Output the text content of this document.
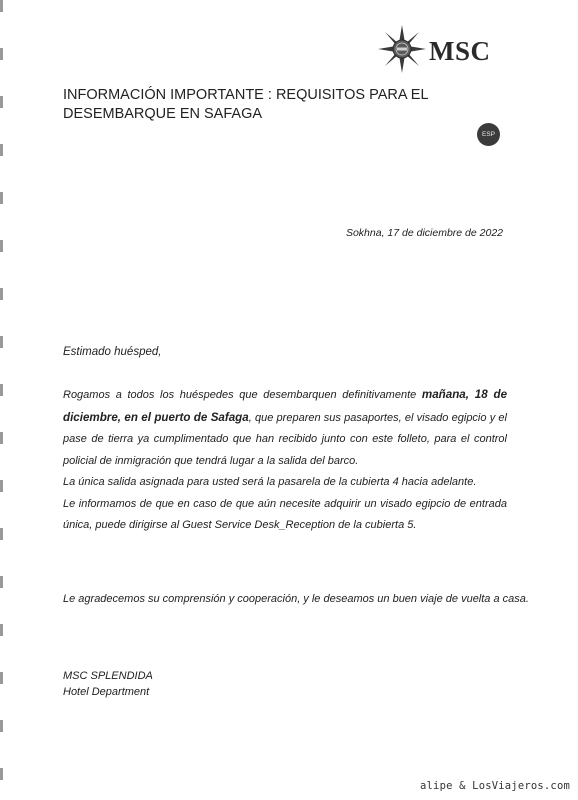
MSC
INFORMACIÓN IMPORTANTE : REQUISITOS PARA EL DESEMBARQUE EN SAFAGA
ESP
Sokhna, 17 de diciembre de 2022
Estimado huésped,
Rogamos a todos los huéspedes que desembarquen definitivamente mañana, 18 de diciembre, en el puerto de Safaga, que preparen sus pasaportes, el visado egipcio y el pase de tierra ya cumplimentado que han recibido junto con este folleto, para el control policial de inmigración que tendrá lugar a la salida del barco.
La única salida asignada para usted será la pasarela de la cubierta 4 hacia adelante.
Le informamos de que en caso de que aún necesite adquirir un visado egipcio de entrada única, puede dirigirse al Guest Service Desk_Reception de la cubierta 5.
Le agradecemos su comprensión y cooperación, y le deseamos un buen viaje de vuelta a casa.
MSC SPLENDIDA
Hotel Department
alipe & LosViajeros.com
